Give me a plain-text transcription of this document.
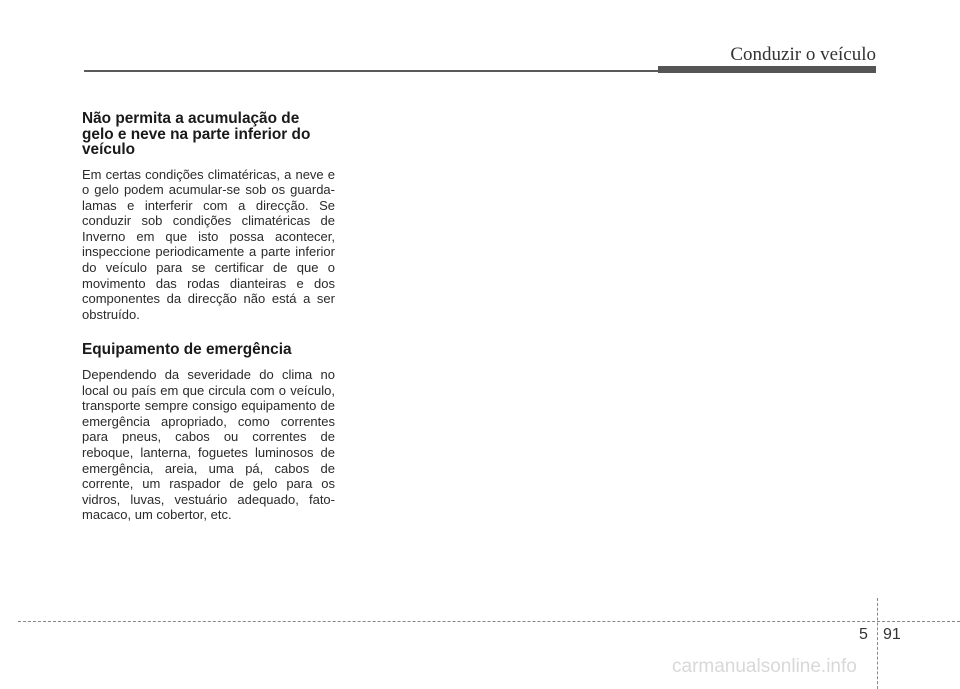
Conduzir o veículo
Não permita a acumulação de gelo e neve na parte inferior do veículo

Em certas condições climatéricas, a neve e o gelo podem acumular-se sob os guarda-lamas e interferir com a direcção. Se conduzir sob condições climatéricas de Inverno em que isto possa acontecer, inspeccione periodicamente a parte inferior do veículo para se certificar de que o movimento das rodas dianteiras e dos componentes da direcção não está a ser obstruído.

Equipamento de emergência

Dependendo da severidade do clima no local ou país em que circula com o veículo, transporte sempre consigo equipamento de emergência apropriado, como correntes para pneus, cabos ou correntes de reboque, lanterna, foguetes luminosos de emergência, areia, uma pá, cabos de corrente, um raspador de gelo para os vidros, luvas, vestuário adequado, fato-macaco, um cobertor, etc.

5 91
carmanualsonline.info
